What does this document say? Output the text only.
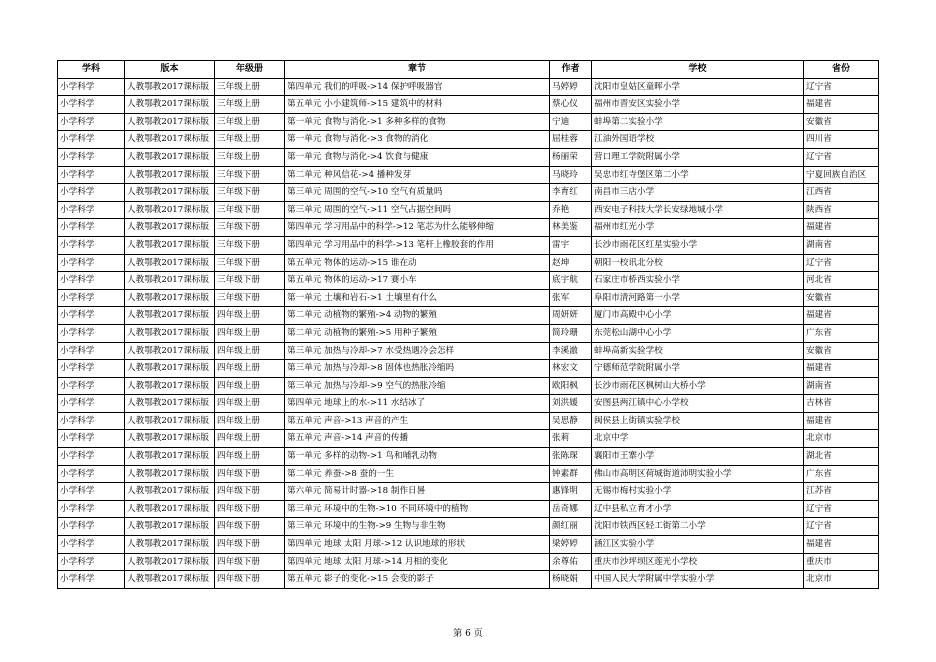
学科	版本	年级册	章节	作者	学校	省份
小学科学	人教鄂教2017课标版	三年级上册	第四单元 我们的呼吸->14 保护呼吸器官	马婷婷	沈阳市皇姑区童晖小学	辽宁省
小学科学	人教鄂教2017课标版	三年级上册	第五单元 小小建筑师->15 建筑中的材料	蔡心仪	福州市晋安区实验小学	福建省
小学科学	人教鄂教2017课标版	三年级上册	第一单元 食物与消化->1 多种多样的食物	宁迪	蚌埠第二实验小学	安徽省
小学科学	人教鄂教2017课标版	三年级上册	第一单元 食物与消化->3 食物的消化	屈桂蓉	江油外国语学校	四川省
小学科学	人教鄂教2017课标版	三年级上册	第一单元 食物与消化->4 饮食与健康	杨丽荣	营口理工学院附属小学	辽宁省
小学科学	人教鄂教2017课标版	三年级下册	第二单元 种风信花->4 播种发芽	马晓玲	吴忠市红寺堡区第二小学	宁夏回族自治区
小学科学	人教鄂教2017课标版	三年级下册	第三单元 周围的空气->10 空气有质量吗	李育红	南昌市三店小学	江西省
小学科学	人教鄂教2017课标版	三年级下册	第三单元 周围的空气->11 空气占据空间吗	乔艳	西安电子科技大学长安绿地城小学	陕西省
小学科学	人教鄂教2017课标版	三年级下册	第四单元 学习用品中的科学->12 笔芯为什么能够伸缩	林美鉴	福州市红光小学	福建省
小学科学	人教鄂教2017课标版	三年级下册	第四单元 学习用品中的科学->13 笔杆上橡胶套的作用	雷宇	长沙市雨花区红星实验小学	湖南省
小学科学	人教鄂教2017课标版	三年级下册	第五单元 物体的运动->15 谁在动	赵坤	朝阳一校讯北分校	辽宁省
小学科学	人教鄂教2017课标版	三年级下册	第五单元 物体的运动->17 赛小车	底宇航	石家庄市桥西实验小学	河北省
小学科学	人教鄂教2017课标版	三年级下册	第一单元 土壤和岩石->1 土壤里有什么	张军	阜阳市清河路第一小学	安徽省
小学科学	人教鄂教2017课标版	四年级上册	第二单元 动植物的繁殖->4 动物的繁殖	周妍妍	厦门市高殿中心小学	福建省
小学科学	人教鄂教2017课标版	四年级上册	第二单元 动植物的繁殖->5 用种子繁殖	简玲珊	东莞松山湖中心小学	广东省
小学科学	人教鄂教2017课标版	四年级上册	第三单元 加热与冷却->7 水受热遇冷会怎样	李溪澈	蚌埠高新实验学校	安徽省
小学科学	人教鄂教2017课标版	四年级上册	第三单元 加热与冷却->8 固体也热胀冷缩吗	林宏文	宁德师范学院附属小学	福建省
小学科学	人教鄂教2017课标版	四年级上册	第三单元 加热与冷却->9 空气的热胀冷缩	欧阳枫	长沙市雨花区枫树山大桥小学	湖南省
小学科学	人教鄂教2017课标版	四年级上册	第四单元 地球上的水->11 水结冰了	刘洪媛	安图县两江镇中心小学校	吉林省
小学科学	人教鄂教2017课标版	四年级上册	第五单元 声音->13 声音的产生	吴思静	闽侯县上街镇实验学校	福建省
小学科学	人教鄂教2017课标版	四年级上册	第五单元 声音->14 声音的传播	张莉	北京中学	北京市
小学科学	人教鄂教2017课标版	四年级上册	第一单元 多样的动物->1 鸟和哺乳动物	张陈琛	襄阳市王寨小学	湖北省
小学科学	人教鄂教2017课标版	四年级下册	第二单元 养蚕->8 蚕的一生	钟素群	佛山市高明区荷城街道沛明实验小学	广东省
小学科学	人教鄂教2017课标版	四年级下册	第六单元 简易计时器->18 制作日晷	惠锋明	无锡市梅村实验小学	江苏省
小学科学	人教鄂教2017课标版	四年级下册	第三单元 环境中的生物->10 不同环境中的植物	岳奇娜	辽中县私立育才小学	辽宁省
小学科学	人教鄂教2017课标版	四年级下册	第三单元 环境中的生物->9 生物与非生物	颜红丽	沈阳市铁西区轻工街第二小学	辽宁省
小学科学	人教鄂教2017课标版	四年级下册	第四单元 地球 太阳 月球->12 认识地球的形状	梁婷婷	涵江区实验小学	福建省
小学科学	人教鄂教2017课标版	四年级下册	第四单元 地球 太阳 月球->14 月相的变化	余尊佑	重庆市沙坪坝区莲光小学校	重庆市
小学科学	人教鄂教2017课标版	四年级下册	第五单元 影子的变化->15 会变的影子	杨晓娟	中国人民大学附属中学实验小学	北京市
第 6 页
